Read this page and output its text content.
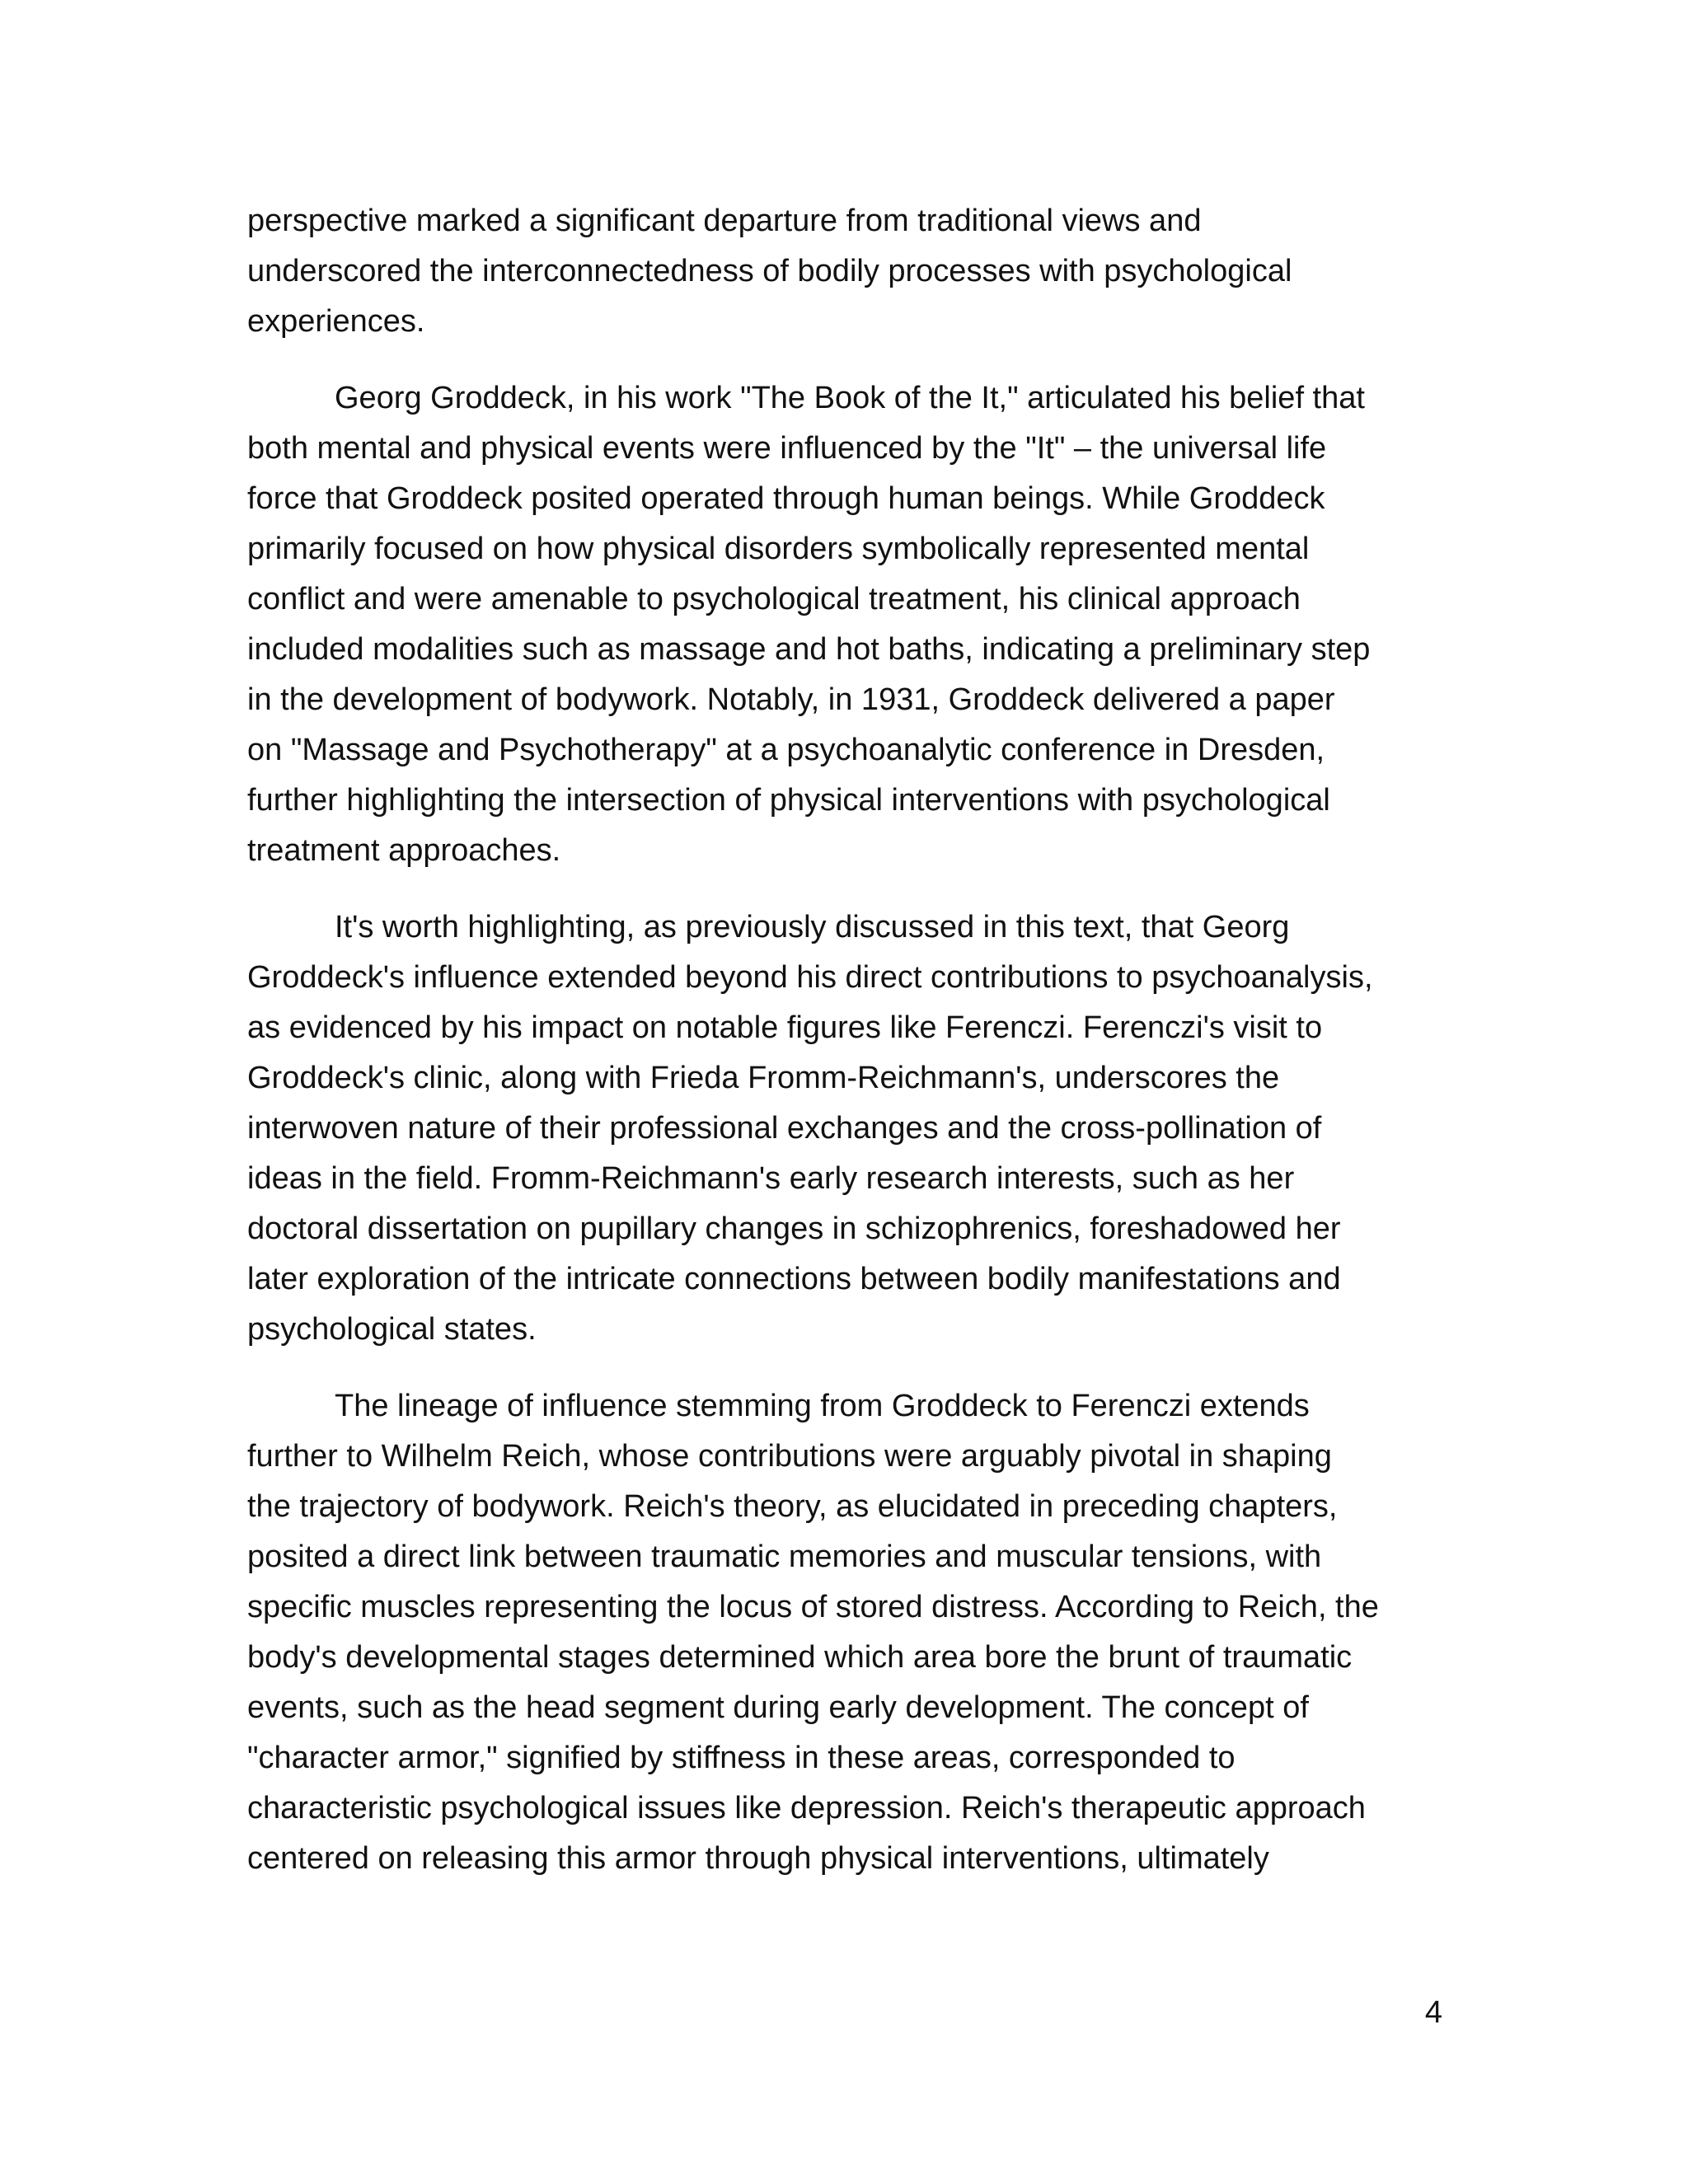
perspective marked a significant departure from traditional views and
underscored the interconnectedness of bodily processes with psychological
experiences.

Georg Groddeck, in his work "The Book of the It," articulated his belief that
both mental and physical events were influenced by the "It" – the universal life
force that Groddeck posited operated through human beings. While Groddeck
primarily focused on how physical disorders symbolically represented mental
conflict and were amenable to psychological treatment, his clinical approach
included modalities such as massage and hot baths, indicating a preliminary step
in the development of bodywork. Notably, in 1931, Groddeck delivered a paper
on "Massage and Psychotherapy" at a psychoanalytic conference in Dresden,
further highlighting the intersection of physical interventions with psychological
treatment approaches.

It's worth highlighting, as previously discussed in this text, that Georg
Groddeck's influence extended beyond his direct contributions to psychoanalysis,
as evidenced by his impact on notable figures like Ferenczi. Ferenczi's visit to
Groddeck's clinic, along with Frieda Fromm-Reichmann's, underscores the
interwoven nature of their professional exchanges and the cross-pollination of
ideas in the field. Fromm-Reichmann's early research interests, such as her
doctoral dissertation on pupillary changes in schizophrenics, foreshadowed her
later exploration of the intricate connections between bodily manifestations and
psychological states.

The lineage of influence stemming from Groddeck to Ferenczi extends
further to Wilhelm Reich, whose contributions were arguably pivotal in shaping
the trajectory of bodywork. Reich's theory, as elucidated in preceding chapters,
posited a direct link between traumatic memories and muscular tensions, with
specific muscles representing the locus of stored distress. According to Reich, the
body's developmental stages determined which area bore the brunt of traumatic
events, such as the head segment during early development. The concept of
"character armor," signified by stiffness in these areas, corresponded to
characteristic psychological issues like depression. Reich's therapeutic approach
centered on releasing this armor through physical interventions, ultimately

4
